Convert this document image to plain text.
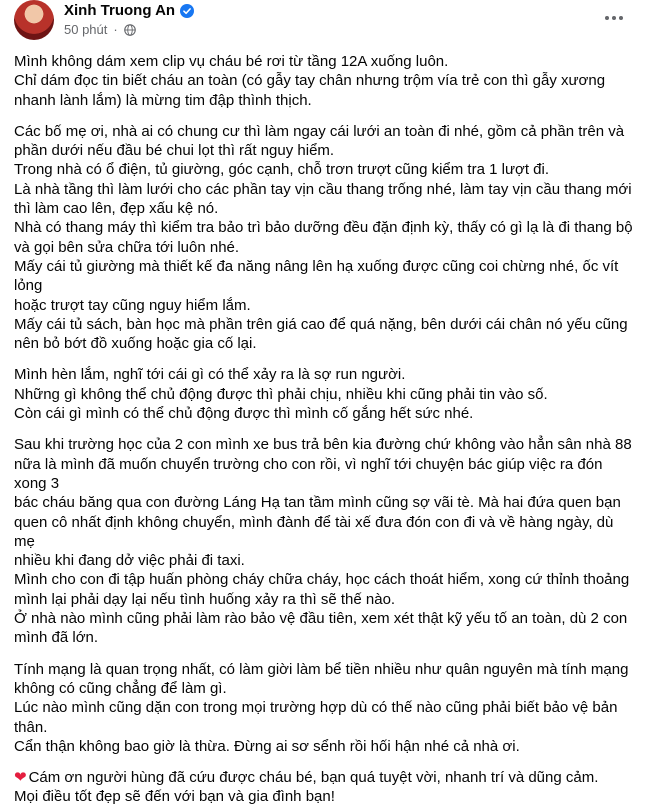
Xinh Truong An
50 phút ·

Mình không dám xem clip vụ cháu bé rơi từ tầng 12A xuống luôn.
Chỉ dám đọc tin biết cháu an toàn (có gẫy tay chân nhưng trộm vía trẻ con thì gẫy xương
nhanh lành lắm) là mừng tim đập thình thịch.

Các bố mẹ ơi, nhà ai có chung cư thì làm ngay cái lưới an toàn đi nhé, gồm cả phần trên và
phần dưới nếu đầu bé chui lọt thì rất nguy hiểm.
Trong nhà có ổ điện, tủ giường, góc cạnh, chỗ trơn trượt cũng kiểm tra 1 lượt đi.
Là nhà tầng thì làm lưới cho các phần tay vịn cầu thang trống nhé, làm tay vịn cầu thang mới
thì làm cao lên, đẹp xấu kệ nó.
Nhà có thang máy thì kiểm tra bảo trì bảo dưỡng đều đặn định kỳ, thấy có gì lạ là đi thang bộ
và gọi bên sửa chữa tới luôn nhé.
Mấy cái tủ giường mà thiết kế đa năng nâng lên hạ xuống được cũng coi chừng nhé, ốc vít lỏng
hoặc trượt tay cũng nguy hiểm lắm.
Mấy cái tủ sách, bàn học mà phần trên giá cao để quá nặng, bên dưới cái chân nó yếu cũng
nên bỏ bớt đồ xuống hoặc gia cố lại.

Mình hèn lắm, nghĩ tới cái gì có thể xảy ra là sợ run người.
Những gì không thể chủ động được thì phải chịu, nhiều khi cũng phải tin vào số.
Còn cái gì mình có thể chủ động được thì mình cố gắng hết sức nhé.

Sau khi trường học của 2 con mình xe bus trả bên kia đường chứ không vào hẳn sân nhà 88
nữa là mình đã muốn chuyển trường cho con rồi, vì nghĩ tới chuyện bác giúp việc ra đón xong 3
bác cháu băng qua con đường Láng Hạ tan tầm mình cũng sợ vãi tè. Mà hai đứa quen bạn
quen cô nhất định không chuyển, mình đành để tài xế đưa đón con đi và về hàng ngày, dù mẹ
nhiều khi đang dở việc phải đi taxi.
Mình cho con đi tập huấn phòng cháy chữa cháy, học cách thoát hiểm, xong cứ thỉnh thoảng
mình lại phải dạy lại nếu tình huống xảy ra thì sẽ thế nào.
Ở nhà nào mình cũng phải làm rào bảo vệ đầu tiên, xem xét thật kỹ yếu tố an toàn, dù 2 con
mình đã lớn.

Tính mạng là quan trọng nhất, có làm giời làm bể tiền nhiều như quân nguyên mà tính mạng
không có cũng chẳng để làm gì.
Lúc nào mình cũng dặn con trong mọi trường hợp dù có thế nào cũng phải biết bảo vệ bản
thân.
Cẩn thận không bao giờ là thừa. Đừng ai sơ sểnh rồi hối hận nhé cả nhà ơi.

❤ Cám ơn người hùng đã cứu được cháu bé, bạn quá tuyệt vời, nhanh trí và dũng cảm.
Mọi điều tốt đẹp sẽ đến với bạn và gia đình bạn!
